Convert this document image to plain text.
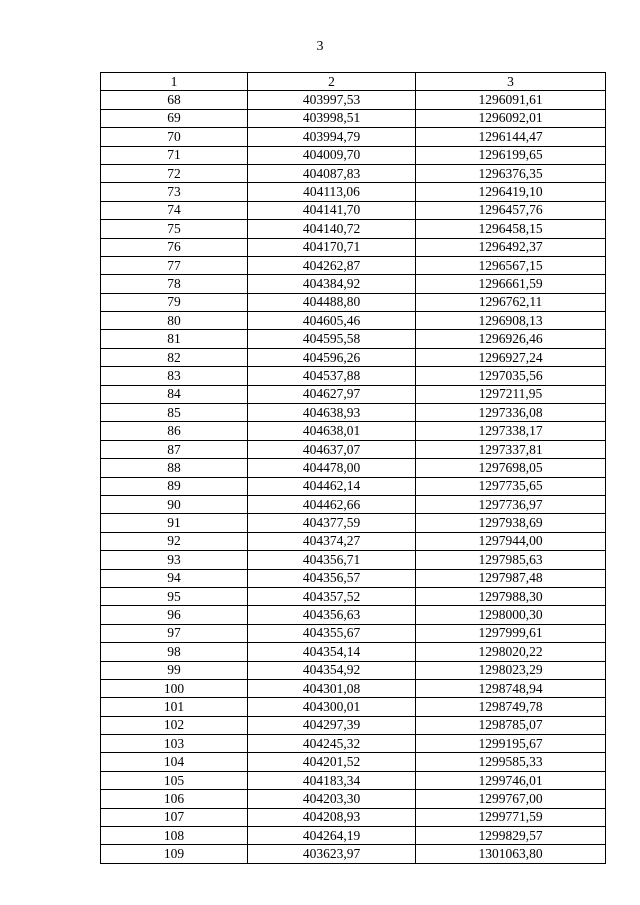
3
1	2	3
68	403997,53	1296091,61
69	403998,51	1296092,01
70	403994,79	1296144,47
71	404009,70	1296199,65
72	404087,83	1296376,35
73	404113,06	1296419,10
74	404141,70	1296457,76
75	404140,72	1296458,15
76	404170,71	1296492,37
77	404262,87	1296567,15
78	404384,92	1296661,59
79	404488,80	1296762,11
80	404605,46	1296908,13
81	404595,58	1296926,46
82	404596,26	1296927,24
83	404537,88	1297035,56
84	404627,97	1297211,95
85	404638,93	1297336,08
86	404638,01	1297338,17
87	404637,07	1297337,81
88	404478,00	1297698,05
89	404462,14	1297735,65
90	404462,66	1297736,97
91	404377,59	1297938,69
92	404374,27	1297944,00
93	404356,71	1297985,63
94	404356,57	1297987,48
95	404357,52	1297988,30
96	404356,63	1298000,30
97	404355,67	1297999,61
98	404354,14	1298020,22
99	404354,92	1298023,29
100	404301,08	1298748,94
101	404300,01	1298749,78
102	404297,39	1298785,07
103	404245,32	1299195,67
104	404201,52	1299585,33
105	404183,34	1299746,01
106	404203,30	1299767,00
107	404208,93	1299771,59
108	404264,19	1299829,57
109	403623,97	1301063,80
